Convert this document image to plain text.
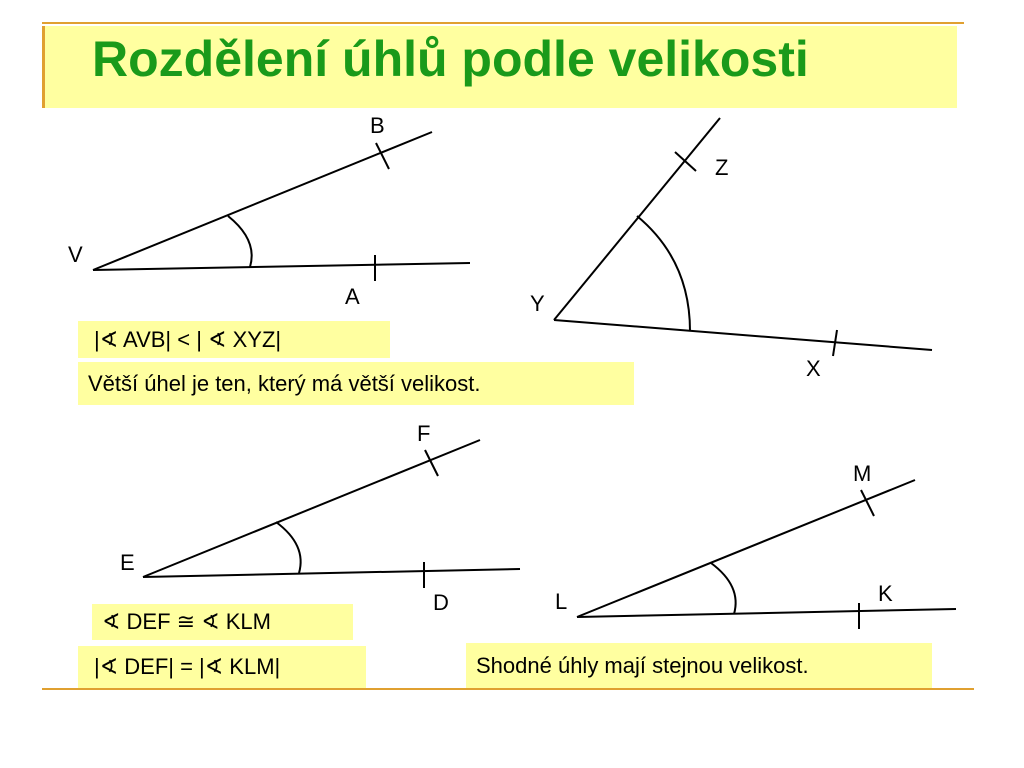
Rozdělení úhlů podle velikosti
V
B
A	Y
Z
X
F
E
D
M
K
L
|∢ AVB| < | ∢ XYZ|
Větší úhel je ten, který má větší velikost.
∢ DEF ≅ ∢ KLM
|∢ DEF| = |∢ KLM|	Shodné úhly mají stejnou velikost.
